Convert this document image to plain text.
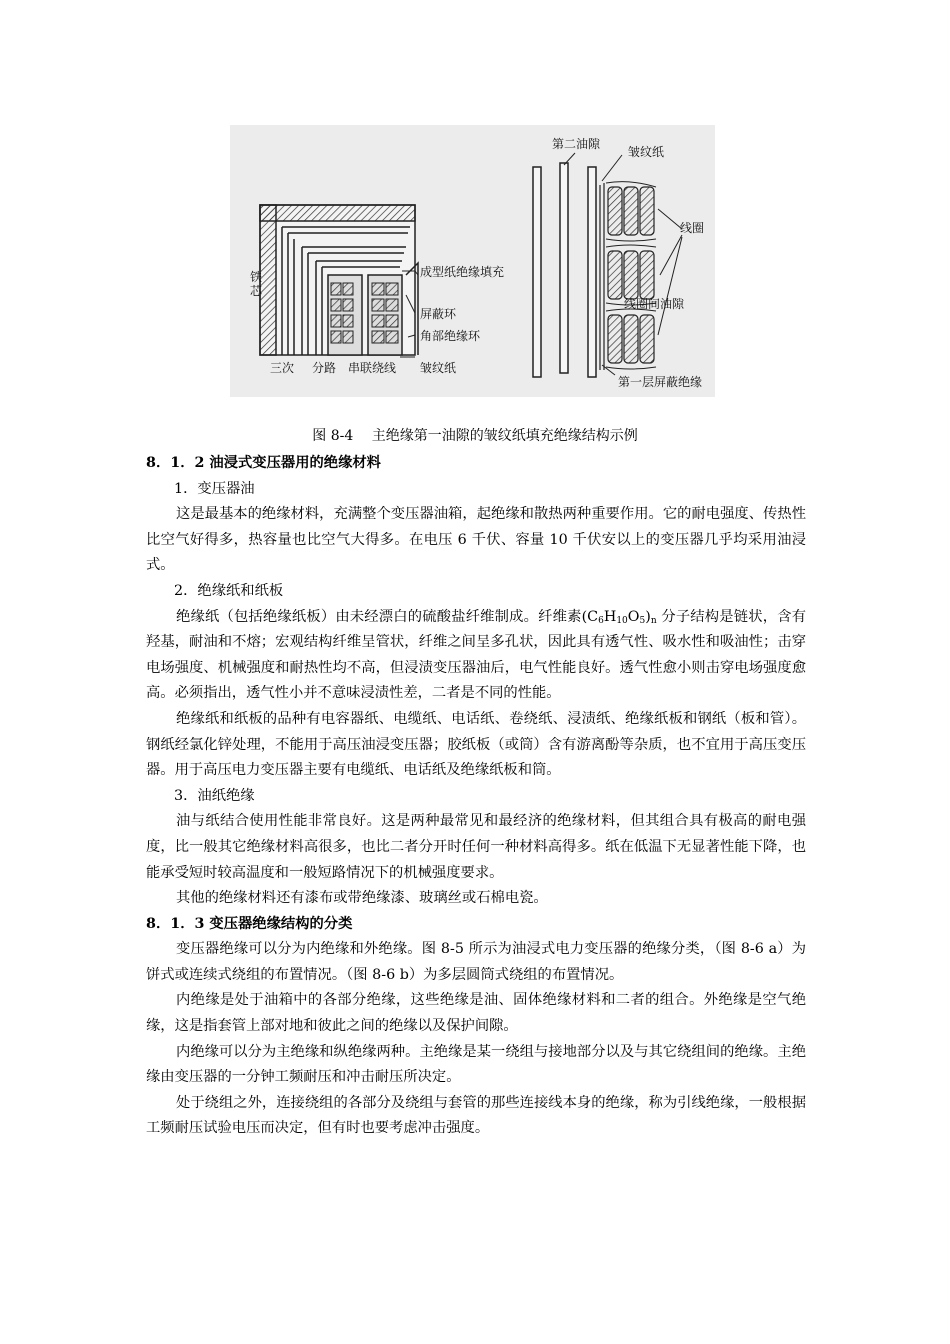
铁芯
三次 分路 串联绕线 皱纹纸
成型纸绝缘填充
屏蔽环
角部绝缘环
第二油隙
皱纹纸
线圈
线圈间油隙
第一层屏蔽绝缘
图 8-4　 主绝缘第一油隙的皱纹纸填充绝缘结构示例

8．1．2 油浸式变压器用的绝缘材料

1．变压器油

这是最基本的绝缘材料，充满整个变压器油箱，起绝缘和散热两种重要作用。它的耐电强度、传热性比空气好得多，热容量也比空气大得多。在电压 6 千伏、容量 10 千伏安以上的变压器几乎均采用油浸式。

2．绝缘纸和纸板

绝缘纸（包括绝缘纸板）由未经漂白的硫酸盐纤维制成。纤维素$(C_6H_{10}O_5)_n$ 分子结构是链状，含有羟基，耐油和不熔；宏观结构纤维呈管状，纤维之间呈多孔状，因此具有透气性、吸水性和吸油性；击穿电场强度、机械强度和耐热性均不高，但浸渍变压器油后，电气性能良好。透气性愈小则击穿电场强度愈高。必须指出，透气性小并不意味浸渍性差，二者是不同的性能。

绝缘纸和纸板的品种有电容器纸、电缆纸、电话纸、卷绕纸、浸渍纸、绝缘纸板和钢纸（板和管）。钢纸经氯化锌处理，不能用于高压油浸变压器；胶纸板（或筒）含有游离酚等杂质，也不宜用于高压变压器。用于高压电力变压器主要有电缆纸、电话纸及绝缘纸板和筒。

3．油纸绝缘

油与纸结合使用性能非常良好。这是两种最常见和最经济的绝缘材料，但其组合具有极高的耐电强度，比一般其它绝缘材料高很多，也比二者分开时任何一种材料高得多。纸在低温下无显著性能下降，也能承受短时较高温度和一般短路情况下的机械强度要求。

其他的绝缘材料还有漆布或带绝缘漆、玻璃丝或石棉电瓷。

8．1．3 变压器绝缘结构的分类

变压器绝缘可以分为内绝缘和外绝缘。图 8-5 所示为油浸式电力变压器的绝缘分类，（图 8-6 a）为饼式或连续式绕组的布置情况。（图 8-6 b）为多层圆筒式绕组的布置情况。

内绝缘是处于油箱中的各部分绝缘，这些绝缘是油、固体绝缘材料和二者的组合。外绝缘是空气绝缘，这是指套管上部对地和彼此之间的绝缘以及保护间隙。

内绝缘可以分为主绝缘和纵绝缘两种。主绝缘是某一绕组与接地部分以及与其它绕组间的绝缘。主绝缘由变压器的一分钟工频耐压和冲击耐压所决定。

处于绕组之外，连接绕组的各部分及绕组与套管的那些连接线本身的绝缘，称为引线绝缘，一般根据工频耐压试验电压而决定，但有时也要考虑冲击强度。
